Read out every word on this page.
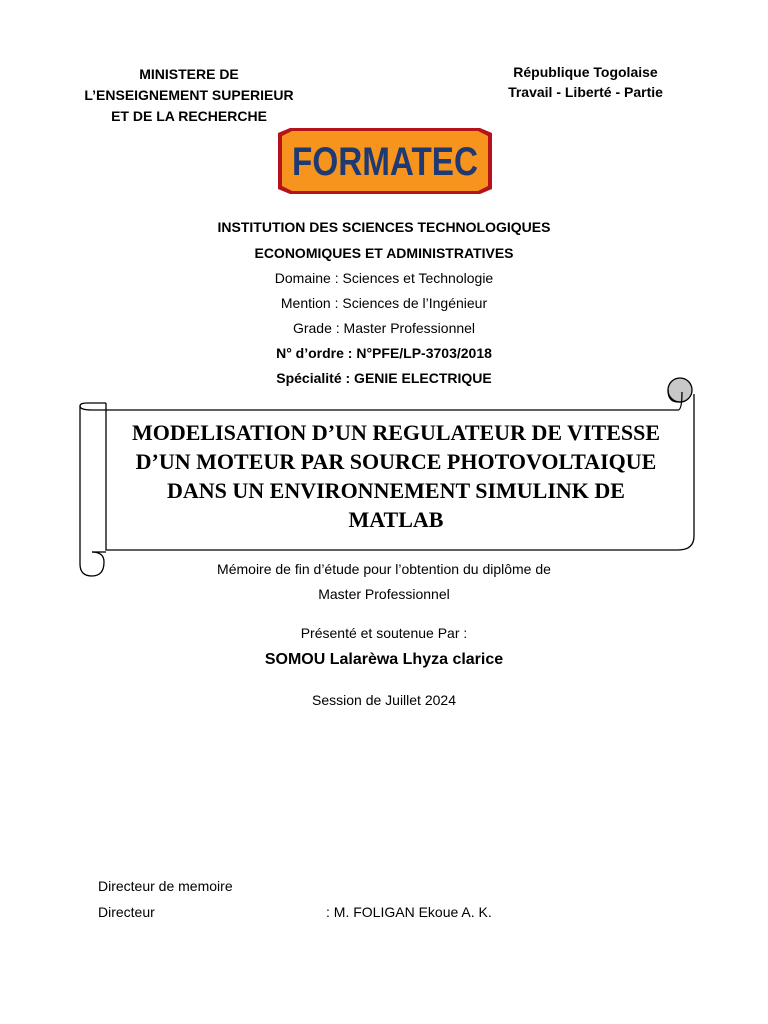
MINISTERE DE
L’ENSEIGNEMENT SUPERIEUR
ET DE LA RECHERCHE
République Togolaise
Travail - Liberté - Partie
FORMATEC
INSTITUTION DES SCIENCES TECHNOLOGIQUES
ECONOMIQUES ET ADMINISTRATIVES
Domaine : Sciences et Technologie
Mention : Sciences de l’Ingénieur
Grade : Master Professionnel
N° d’ordre : N°PFE/LP-3703/2018
Spécialité : GENIE ELECTRIQUE
MODELISATION D’UN REGULATEUR DE VITESSE
D’UN MOTEUR PAR SOURCE PHOTOVOLTAIQUE
DANS UN ENVIRONNEMENT SIMULINK DE
MATLAB
Mémoire de fin d’étude pour l’obtention du diplôme de
Master Professionnel
Présenté et soutenue Par :
SOMOU Lalarèwa Lhyza clarice
Session de Juillet 2024
Directeur de memoire
Directeur	: M. FOLIGAN Ekoue A. K.
